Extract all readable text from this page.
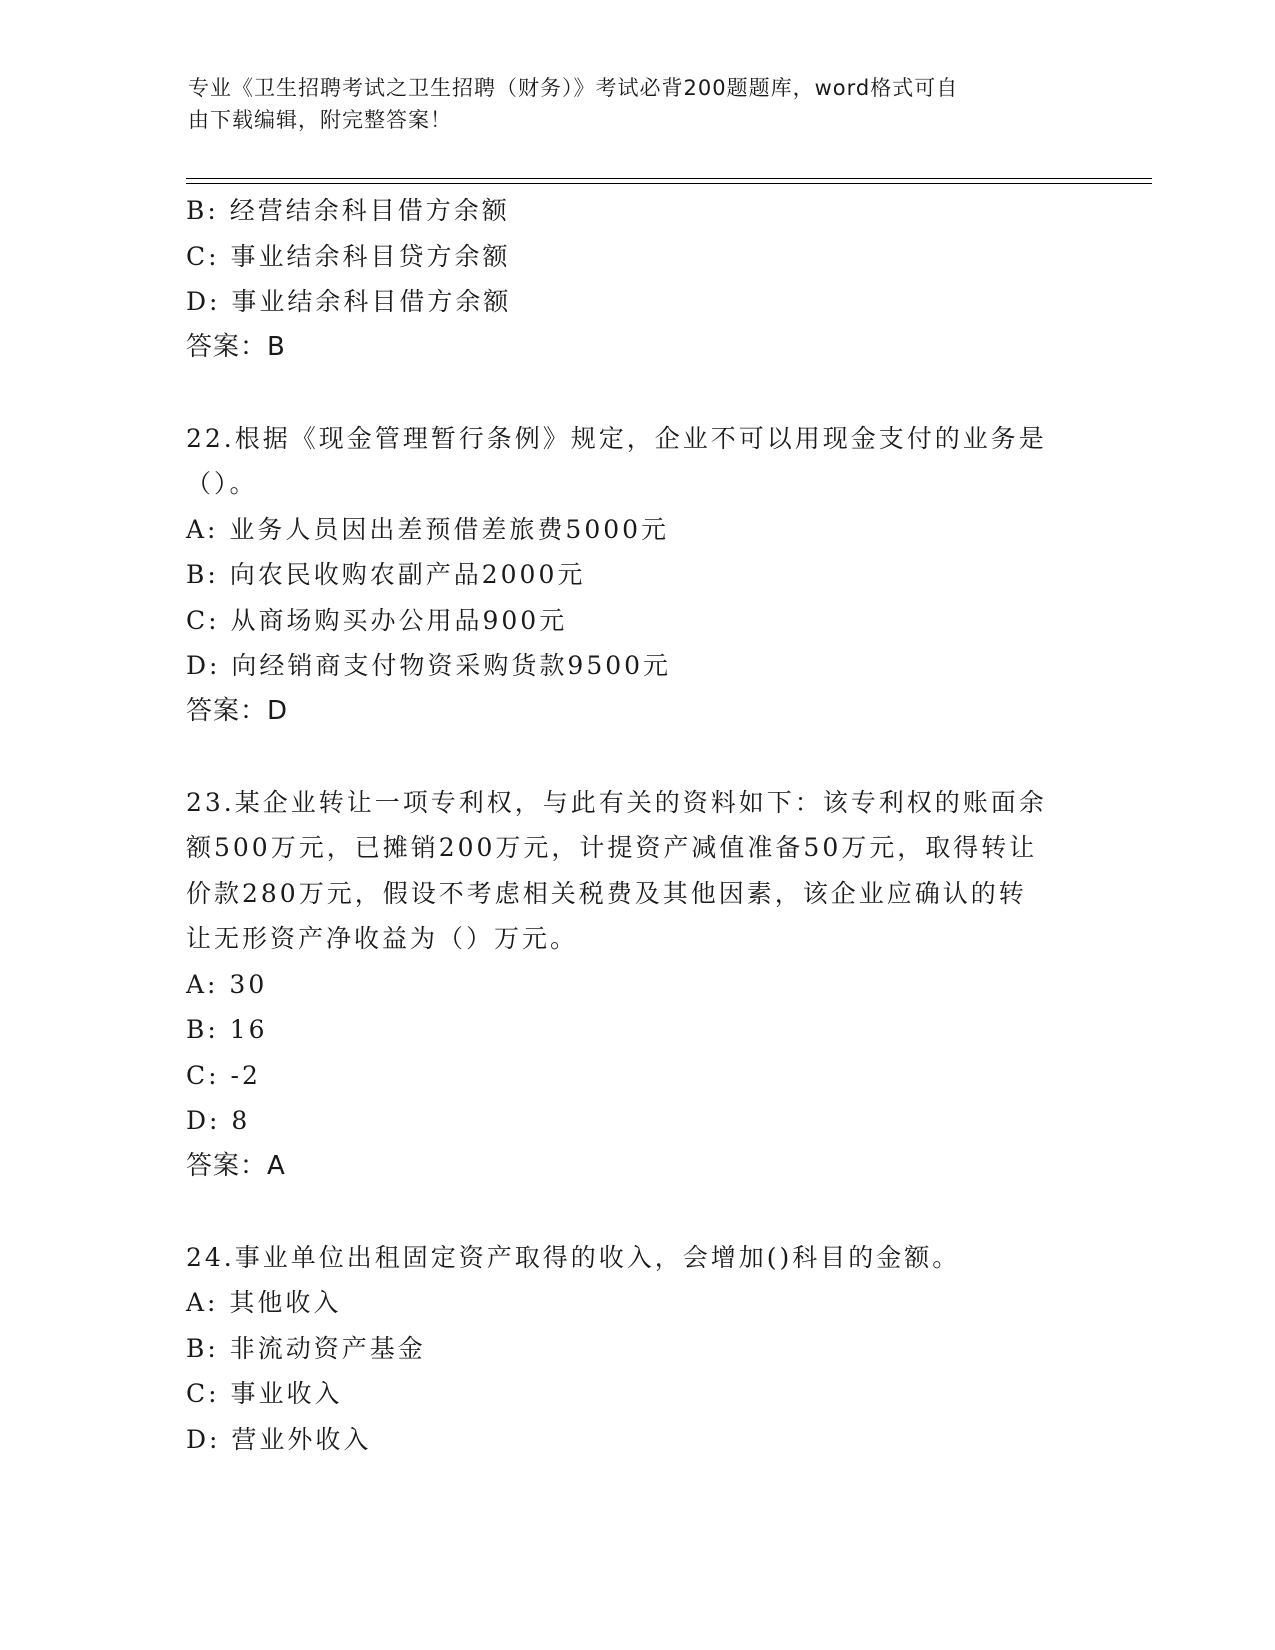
专业《卫生招聘考试之卫生招聘（财务）》考试必背200题题库，word格式可自
由下载编辑，附完整答案！
B: 经营结余科目借方余额
C: 事业结余科目贷方余额
D: 事业结余科目借方余额
答案：B
22.根据《现金管理暂行条例》规定，企业不可以用现金支付的业务是
（）。
A: 业务人员因出差预借差旅费5000元
B: 向农民收购农副产品2000元
C: 从商场购买办公用品900元
D: 向经销商支付物资采购货款9500元
答案：D
23.某企业转让一项专利权，与此有关的资料如下：该专利权的账面余
额500万元，已摊销200万元，计提资产减值准备50万元，取得转让
价款280万元，假设不考虑相关税费及其他因素，该企业应确认的转
让无形资产净收益为（）万元。
A: 30
B: 16
C: -2
D: 8
答案：A
24.事业单位出租固定资产取得的收入，会增加()科目的金额。
A: 其他收入
B: 非流动资产基金
C: 事业收入
D: 营业外收入
